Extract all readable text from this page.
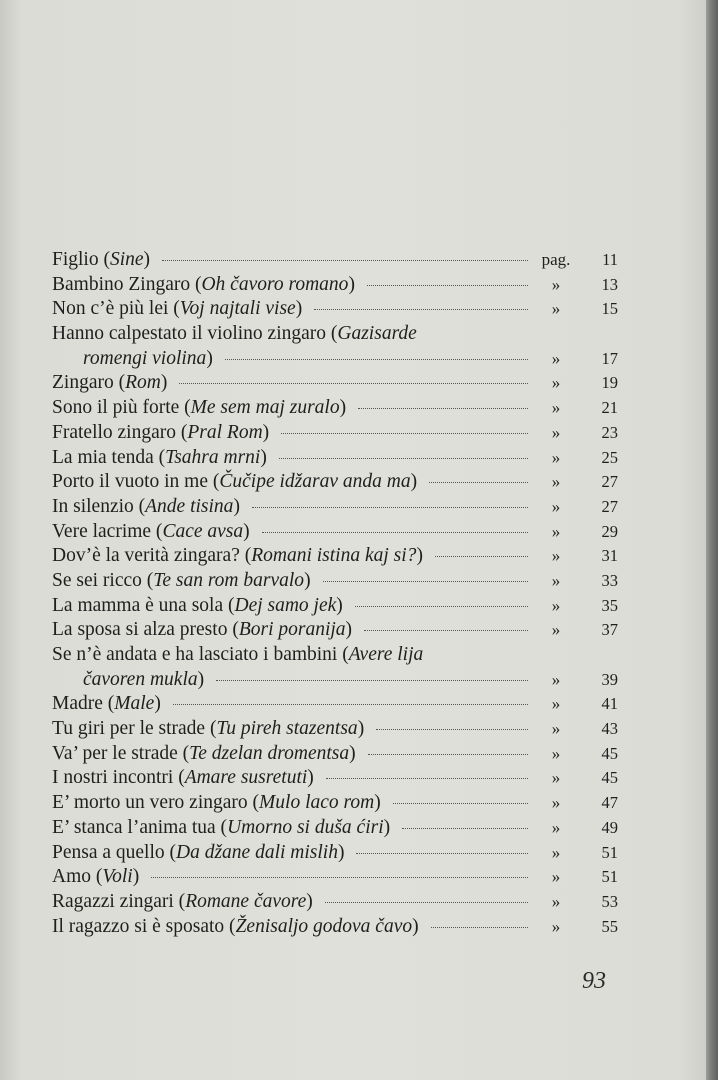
Figlio (Sine)	pag.	11
Bambino Zingaro (Oh čavoro romano)	»	13
Non c’è più lei (Voj najtali vise)	»	15
Hanno calpestato il violino zingaro (Gazisarde
romengi violina)	»	17
Zingaro (Rom)	»	19
Sono il più forte (Me sem maj zuralo)	»	21
Fratello zingaro (Pral Rom)	»	23
La mia tenda (Tsahra mrni)	»	25
Porto il vuoto in me (Čučipe idžarav anda ma)	»	27
In silenzio (Ande tisina)	»	27
Vere lacrime (Cace avsa)	»	29
Dov’è la verità zingara? (Romani istina kaj si?)	»	31
Se sei ricco (Te san rom barvalo)	»	33
La mamma è una sola (Dej samo jek)	»	35
La sposa si alza presto (Bori poranija)	»	37
Se n’è andata e ha lasciato i bambini (Avere lija
čavoren mukla)	»	39
Madre (Male)	»	41
Tu giri per le strade (Tu pireh stazentsa)	»	43
Va’ per le strade (Te dzelan dromentsa)	»	45
I nostri incontri (Amare susretuti)	»	45
E’ morto un vero zingaro (Mulo laco rom)	»	47
E’ stanca l’anima tua (Umorno si duša ćiri)	»	49
Pensa a quello (Da džane dali mislih)	»	51
Amo (Voli)	»	51
Ragazzi zingari (Romane čavore)	»	53
Il ragazzo si è sposato (Ženisaljo godova čavo)	»	55
93
